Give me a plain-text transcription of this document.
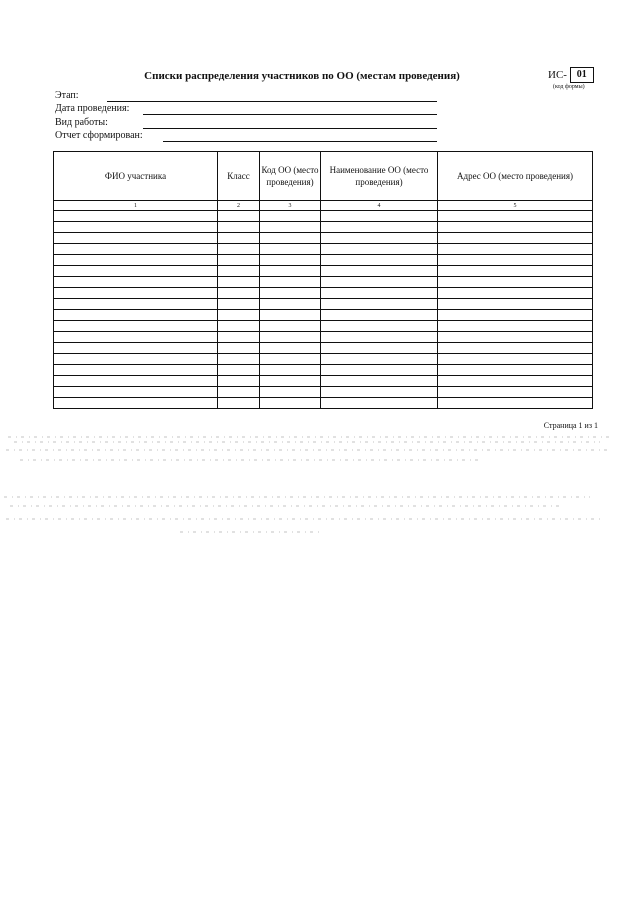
Списки распределения участников по ОО (местам проведения)	ИС- 01
(код формы)
Этап:
Дата проведения:
Вид работы:
Отчет сформирован:
ФИО участника	Класс	Код ОО (место проведения)	Наименование ОО (место проведения)	Адрес ОО (место проведения)
1	2	3	4	5

Страница 1 из 1
